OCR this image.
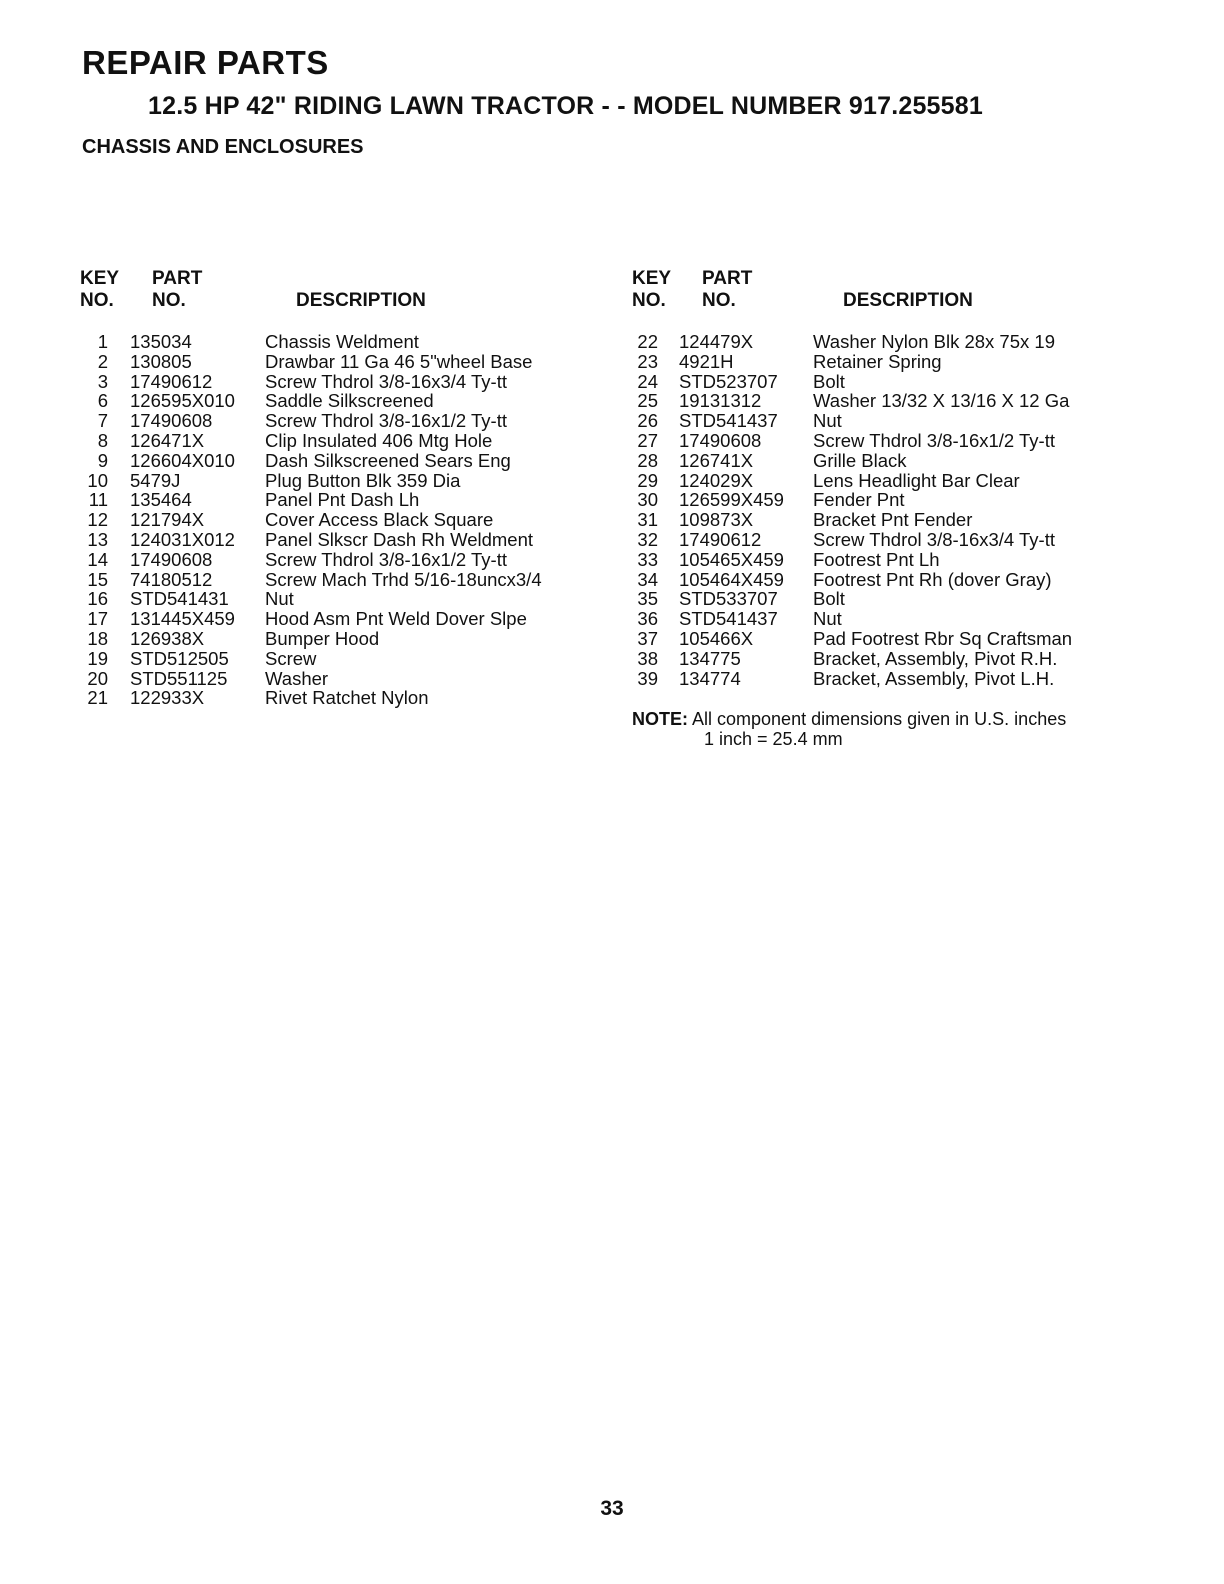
REPAIR PARTS
12.5 HP 42" RIDING LAWN TRACTOR - - MODEL NUMBER 917.255581
CHASSIS AND ENCLOSURES
KEY
NO.
PART
NO.	DESCRIPTION
1 135034	Chassis Weldment
2 130805	Drawbar 11 Ga 46 5"wheel Base
3 17490612	Screw Thdrol 3/8-16x3/4 Ty-tt
6 126595X010 Saddle Silkscreened
7 17490608	Screw Thdrol 3/8-16x1/2 Ty-tt
8 126471X	Clip Insulated 406 Mtg Hole
9 126604X010 Dash Silkscreened Sears Eng
10 5479J	Plug Button Blk 359 Dia
11 135464	Panel Pnt Dash Lh
12 121794X	Cover Access Black Square
13 124031X012 Panel Slkscr Dash Rh Weldment
14 17490608	Screw Thdrol 3/8-16x1/2 Ty-tt
15 74180512	Screw Mach Trhd 5/16-18uncx3/4
16 STD541431 Nut
17 131445X459 Hood Asm Pnt Weld Dover Slpe
18 126938X	Bumper Hood
19 STD512505 Screw
20 STD551125 Washer
21 122933X	Rivet Ratchet Nylon
KEY
NO.
PART
NO.	DESCRIPTION
22 124479X	Washer Nylon Blk 28x 75x 19
23 4921H	Retainer Spring
24 STD523707 Bolt
25 19131312	Washer 13/32 X 13/16 X 12 Ga
26 STD541437 Nut
27 17490608	Screw Thdrol 3/8-16x1/2 Ty-tt
28 126741X	Grille Black
29 124029X	Lens Headlight Bar Clear
30 126599X459 Fender Pnt
31 109873X	Bracket Pnt Fender
32 17490612	Screw Thdrol 3/8-16x3/4 Ty-tt
33 105465X459 Footrest Pnt Lh
34 105464X459 Footrest Pnt Rh (dover Gray)
35 STD533707 Bolt
36 STD541437 Nut
37 105466X	Pad Footrest Rbr Sq Craftsman
38 134775	Bracket, Assembly, Pivot R.H.
39 134774	Bracket, Assembly, Pivot L.H.
NOTE: All component dimensions given in U.S. inches
1 inch = 25.4 mm
33
